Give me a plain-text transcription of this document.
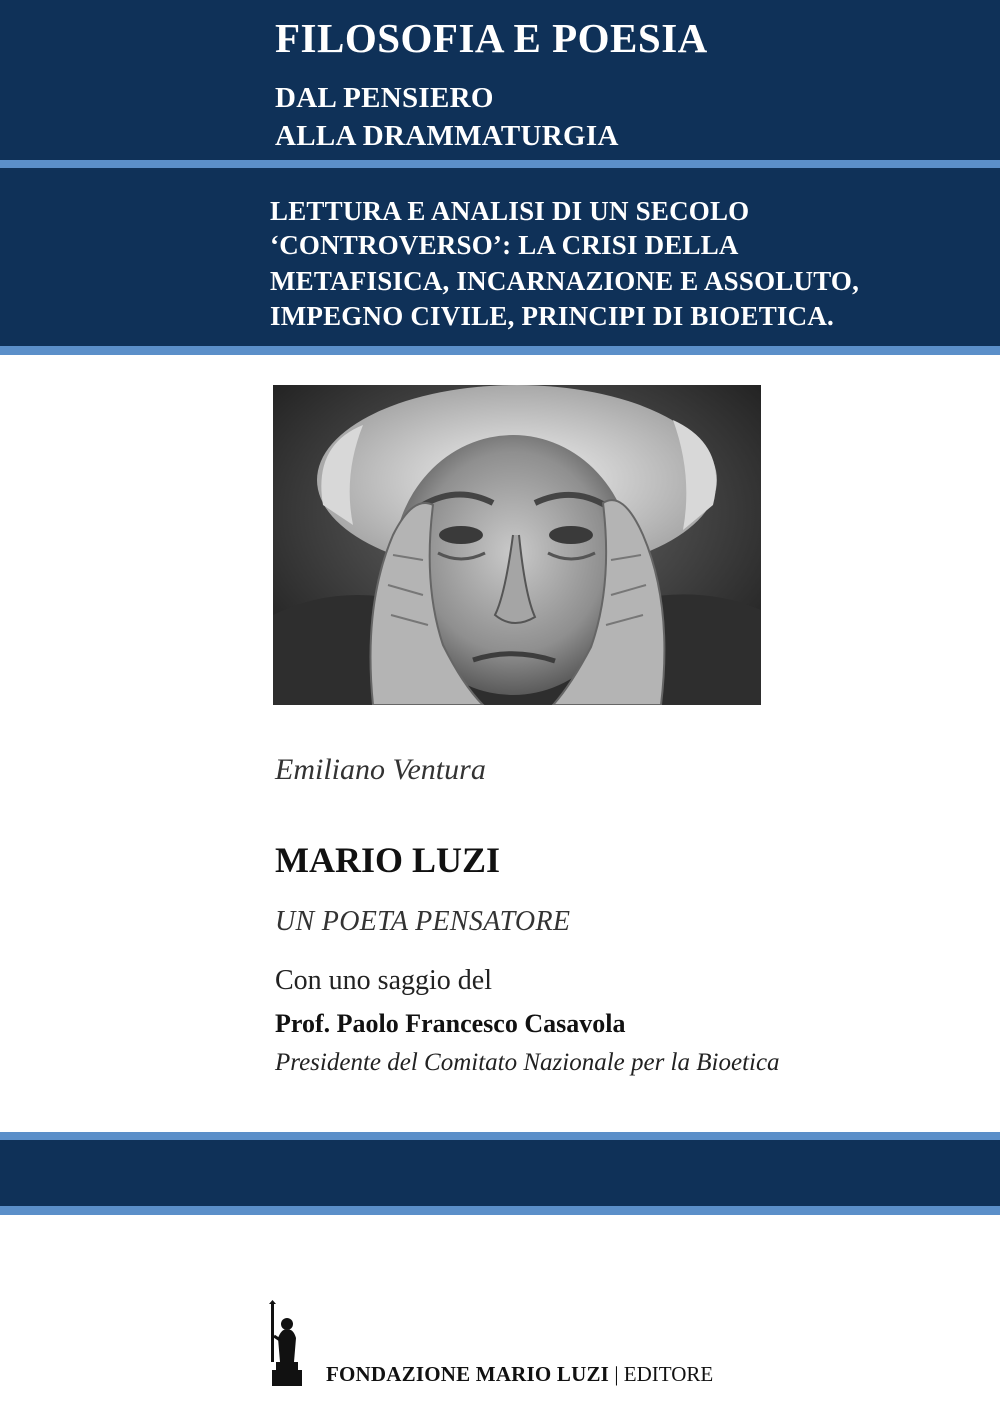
FILOSOFIA E POESIA

DAL PENSIERO

ALLA DRAMMATURGIA

LETTURA E ANALISI DI UN SECOLO

‘CONTROVERSO’: LA CRISI DELLA

METAFISICA, INCARNAZIONE E ASSOLUTO,

IMPEGNO CIVILE, PRINCIPI DI BIOETICA.

Emiliano Ventura

MARIO LUZI

UN POETA PENSATORE

Con uno saggio del

Prof. Paolo Francesco Casavola

Presidente del Comitato Nazionale per la Bioetica

FONDAZIONE MARIO LUZI | EDITORE
